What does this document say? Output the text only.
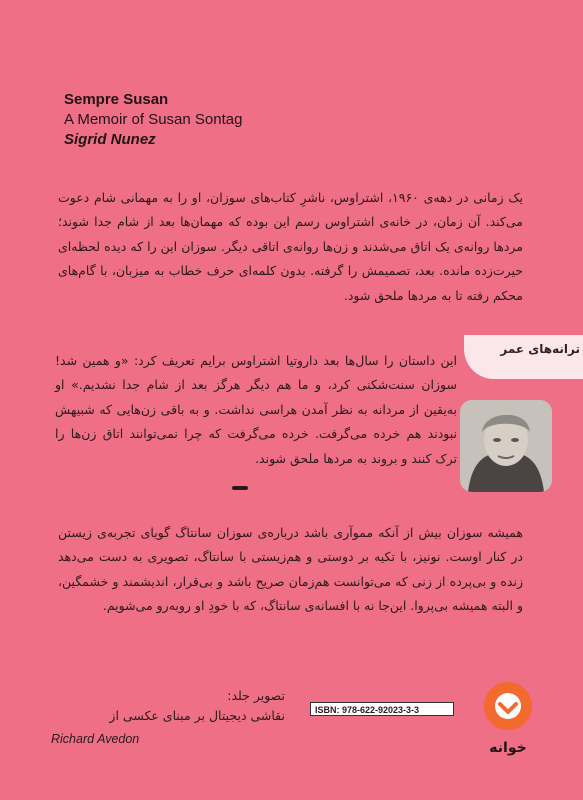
Sempre Susan
A Memoir of Susan Sontag
Sigrid Nunez
یک زمانی در دهه‌ی ۱۹۶۰، اشتراوس، ناشرِ کتاب‌های سوزان، او را به مهمانی شام دعوت می‌کند. آن زمان، در خانه‌ی اشتراوس رسم این بوده که مهمان‌ها بعد از شام جدا شوند؛ مردها روانه‌ی یک اتاق می‌شدند و زن‌ها روانه‌ی اتاقی دیگر. سوزان این را که دیده لحظه‌ای حیرت‌زده مانده. بعد، تصمیمش را گرفته. بدون کلمه‌ای حرف خطاب به میزبان، با گام‌های محکم رفته تا به مردها ملحق شود.
این داستان را سال‌ها بعد داروتیا اشتراوس برایم تعریف کرد: «و همین شد! سوزان سنت‌شکنی کرد، و ما هم دیگر هرگز بعد از شام جدا نشدیم.» او به‌یقین از مردانه به نظر آمدن هراسی نداشت. و به باقی زن‌هایی که شبیهش نبودند هم خرده می‌گرفت. خرده می‌گرفت که چرا نمی‌توانند اتاق زن‌ها را ترک کنند و بروند به مردها ملحق شوند.
همیشه سوزان بیش از آنکه مموآری باشد درباره‌ی سوزان سانتاگ گویای تجربه‌ی زیستن در کنار اوست. نونیز، با تکیه بر دوستی و هم‌زیستی با سانتاگ، تصویری به دست می‌دهد زنده و بی‌پرده از زنی که می‌توانست هم‌زمان صریح باشد و بی‌قرار، اندیشمند و خشمگین، و البته همیشه بی‌پروا. این‌جا نه با افسانه‌ی سانتاگ، که با خودِ او روبه‌رو می‌شویم.
ترانه‌های عمر
تصویر جلد:
نقاشی دیجیتال بر مبنای عکسی از
Richard Avedon
ISBN: 978-622-92023-3-3
خوانه
